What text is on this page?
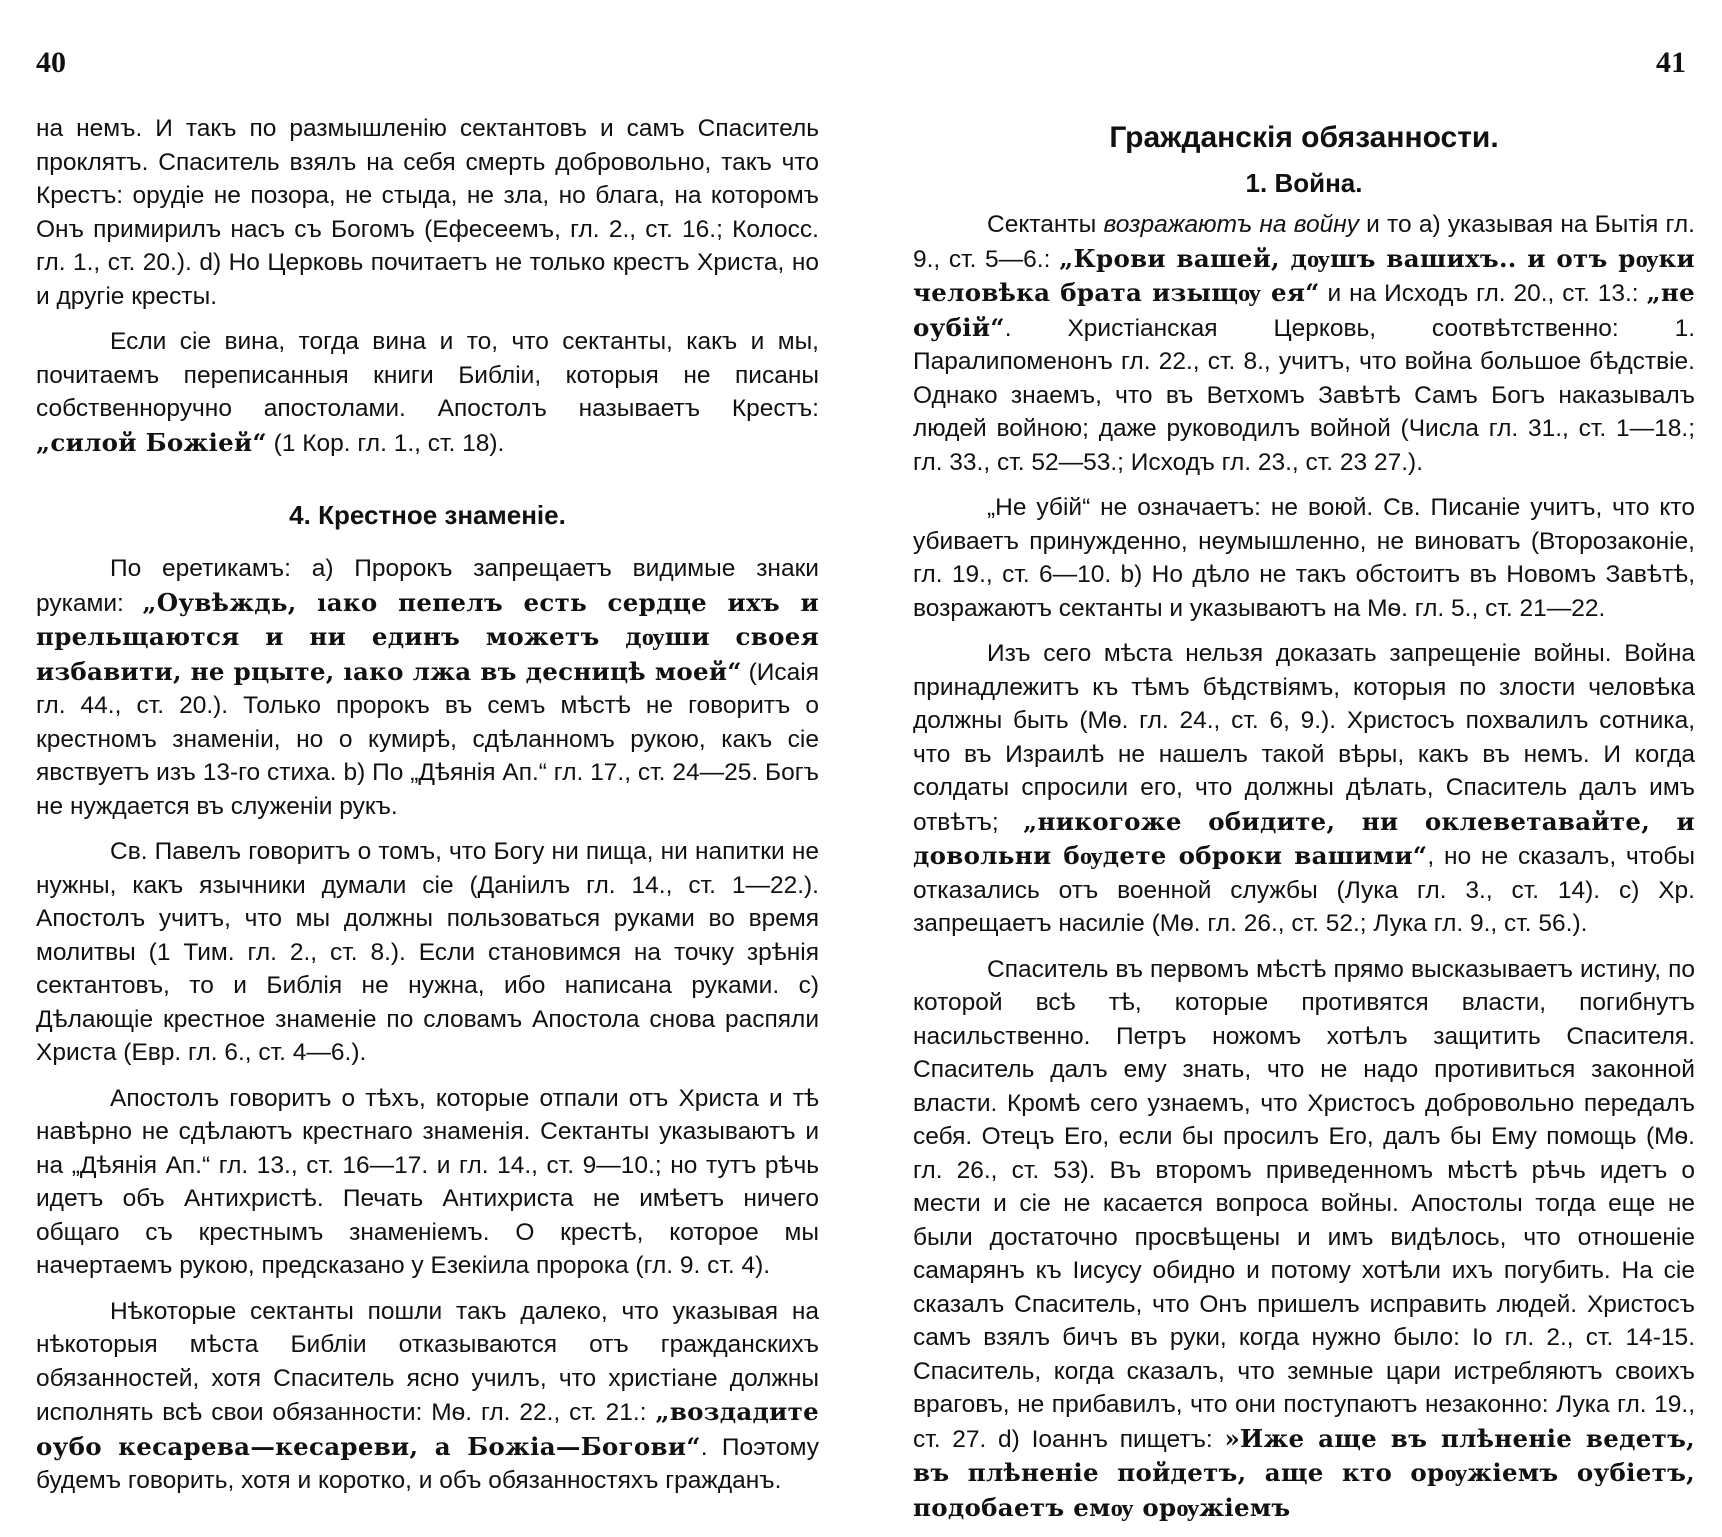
40

на немъ. И такъ по размышленію сектантовъ и самъ Спаситель проклятъ. Спаситель взялъ на себя смерть добровольно, такъ что Крестъ: орудіе не позора, не стыда, не зла, но блага, на которомъ Онъ примирилъ насъ съ Богомъ (Ефесеемъ, гл. 2., ст. 16.; Колосс. гл. 1., ст. 20.). d) Но Церковь почитаетъ не только крестъ Христа, но и другіе кресты.

Если сіе вина, тогда вина и то, что сектанты, какъ и мы, почитаемъ переписанныя книги Библіи, которыя не писаны собственноручно апостолами. Апостолъ называетъ Крестъ: „силой Божіей“ (1 Кор. гл. 1., ст. 18).

4. Крестное знаменіе.

По еретикамъ: а) Пророкъ запрещаетъ видимые знаки руками: „Оувѣждь, ıако пепелъ есть сердце ихъ и прельщаются и ни единъ можетъ дѹши своея избавити, не рцыте, ıако лжа въ десницѣ моей“ (Исаія гл. 44., ст. 20.). Только пророкъ въ семъ мѣстѣ не говоритъ о крестномъ знаменіи, но о кумирѣ, сдѣланномъ рукою, какъ сіе явствуетъ изъ 13-го стиха. b) По „Дѣянія Ап.“ гл. 17., ст. 24—25. Богъ не нуждается въ служеніи рукъ.

Св. Павелъ говоритъ о томъ, что Богу ни пища, ни напитки не нужны, какъ язычники думали сіе (Даніилъ гл. 14., ст. 1—22.). Апостолъ учитъ, что мы должны пользоваться руками во время молитвы (1 Тим. гл. 2., ст. 8.). Если становимся на точку зрѣнія сектантовъ, то и Библія не нужна, ибо написана руками. с) Дѣлающіе крестное знаменіе по словамъ Апостола снова распяли Христа (Евр. гл. 6., ст. 4—6.).

Апостолъ говоритъ о тѣхъ, которые отпали отъ Христа и тѣ навѣрно не сдѣлаютъ крестнаго знаменія. Сектанты указываютъ и на „Дѣянія Ап.“ гл. 13., ст. 16—17. и гл. 14., ст. 9—10.; но тутъ рѣчь идетъ объ Антихристѣ. Печать Антихриста не имѣетъ ничего общаго съ крестнымъ знаменіемъ. О крестѣ, которое мы начертаемъ рукою, предсказано у Езекіила пророка (гл. 9. ст. 4).

Нѣкоторые сектанты пошли такъ далеко, что указывая на нѣкоторыя мѣста Библіи отказываются отъ гражданскихъ обязанностей, хотя Спаситель ясно училъ, что христіане должны исполнять всѣ свои обязанности: Мѳ. гл. 22., ст. 21.: „воздадите оубо кесарева—кесареви, а Божіа—Богови“. Поэтому будемъ говорить, хотя и коротко, и объ обязанностяхъ гражданъ.

41
Гражданскія обязанности.
1. Война.

Сектанты возражаютъ на войну и то а) указывая на Бытія гл. 9., ст. 5—6.: „Крови вашей, дѹшъ вашихъ.. и отъ рѹки человѣка брата изыщѹ ея“ и на Исходъ гл. 20., ст. 13.: „не оубій“. Христіанская Церковь, соотвѣтственно: 1. Паралипоменонъ гл. 22., ст. 8., учитъ, что война большое бѣдствіе. Однако знаемъ, что въ Ветхомъ Завѣтѣ Самъ Богъ наказывалъ людей войною; даже руководилъ войной (Числа гл. 31., ст. 1—18.; гл. 33., ст. 52—53.; Исходъ гл. 23., ст. 23 27.).

„Не убій“ не означаетъ: не воюй. Св. Писаніе учитъ, что кто убиваетъ принужденно, неумышленно, не виноватъ (Второзаконіе, гл. 19., ст. 6—10. b) Но дѣло не такъ обстоитъ въ Новомъ Завѣтѣ, возражаютъ сектанты и указываютъ на Мѳ. гл. 5., ст. 21—22.

Изъ сего мѣста нельзя доказать запрещеніе войны. Война принадлежитъ къ тѣмъ бѣдствіямъ, которыя по злости человѣка должны быть (Мѳ. гл. 24., ст. 6, 9.). Христосъ похвалилъ сотника, что въ Израилѣ не нашелъ такой вѣры, какъ въ немъ. И когда солдаты спросили его, что должны дѣлать, Спаситель далъ имъ отвѣтъ; „никогоже обидите, ни оклеветавайте, и довольни бѹдете оброки вашими“, но не сказалъ, чтобы отказались отъ военной службы (Лука гл. 3., ст. 14). с) Хр. запрещаетъ насиліе (Мѳ. гл. 26., ст. 52.; Лука гл. 9., ст. 56.).

Спаситель въ первомъ мѣстѣ прямо высказываетъ истину, по которой всѣ тѣ, которые противятся власти, погибнутъ насильственно. Петръ ножомъ хотѣлъ защитить Спасителя. Спаситель далъ ему знать, что не надо противиться законной власти. Кромѣ сего узнаемъ, что Христосъ добровольно передалъ себя. Отецъ Его, если бы просилъ Его, далъ бы Ему помощь (Мѳ. гл. 26., ст. 53). Въ второмъ приведенномъ мѣстѣ рѣчь идетъ о мести и сіе не касается вопроса войны. Апостолы тогда еще не были достаточно просвѣщены и имъ видѣлось, что отношеніе самарянъ къ Іисусу обидно и потому хотѣли ихъ погубить. На сіе сказалъ Спаситель, что Онъ пришелъ исправить людей. Христосъ самъ взялъ бичъ въ руки, когда нужно было: Іо гл. 2., ст. 14-15. Спаситель, когда сказалъ, что земные цари истребляютъ своихъ враговъ, не прибавилъ, что они поступаютъ незаконно: Лука гл. 19., ст. 27. d) Іоаннъ пищетъ: »Иже аще въ плѣненіе ведетъ, въ плѣненіе пойдетъ, аще кто орѹжіемъ оубіетъ, подобаетъ емѹ орѹжіемъ
